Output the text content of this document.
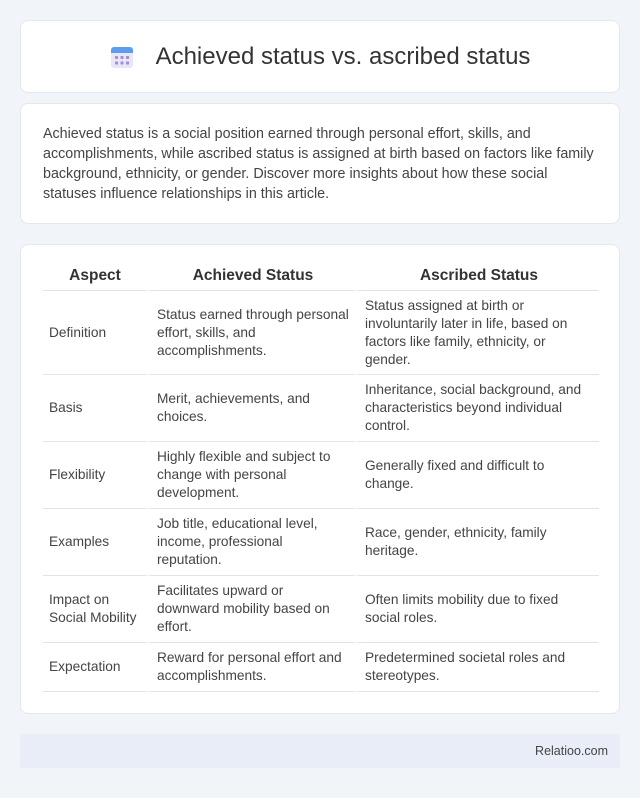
Achieved status vs. ascribed status

Achieved status is a social position earned through personal effort, skills, and accomplishments, while ascribed status is assigned at birth based on factors like family background, ethnicity, or gender. Discover more insights about how these social statuses influence relationships in this article.

Aspect	Achieved Status	Ascribed Status
Definition	Status earned through personal effort, skills, and accomplishments.	Status assigned at birth or involuntarily later in life, based on factors like family, ethnicity, or gender.
Basis	Merit, achievements, and choices.	Inheritance, social background, and characteristics beyond individual control.
Flexibility	Highly flexible and subject to change with personal development.	Generally fixed and difficult to change.
Examples	Job title, educational level, income, professional reputation.	Race, gender, ethnicity, family heritage.
Impact on Social Mobility	Facilitates upward or downward mobility based on effort.	Often limits mobility due to fixed social roles.
Expectation	Reward for personal effort and accomplishments.	Predetermined societal roles and stereotypes.
Relatioo.com
